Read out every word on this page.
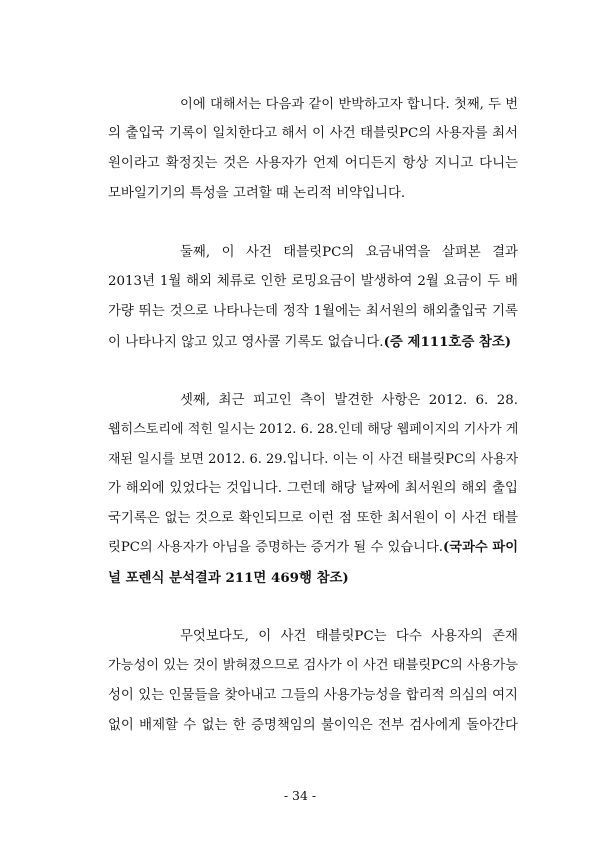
이에 대해서는 다음과 같이 반박하고자 합니다. 첫째, 두 번
의 출입국 기록이 일치한다고 해서 이 사건 태블릿PC의 사용자를 최서
원이라고 확정짓는 것은 사용자가 언제 어디든지 항상 지니고 다니는
모바일기기의 특성을 고려할 때 논리적 비약입니다.
둘째, 이 사건 태블릿PC의 요금내역을 살펴본 결과
2013년 1월 해외 체류로 인한 로밍요금이 발생하여 2월 요금이 두 배
가량 뛰는 것으로 나타나는데 정작 1월에는 최서원의 해외출입국 기록
이 나타나지 않고 있고 영사콜 기록도 없습니다.(증 제111호증 참조)
셋째, 최근 피고인 측이 발견한 사항은 2012. 6. 28.
웹히스토리에 적힌 일시는 2012. 6. 28.인데 해당 웹페이지의 기사가 게
재된 일시를 보면 2012. 6. 29.입니다. 이는 이 사건 태블릿PC의 사용자
가 해외에 있었다는 것입니다. 그런데 해당 날짜에 최서원의 해외 출입
국기록은 없는 것으로 확인되므로 이런 점 또한 최서원이 이 사건 태블
릿PC의 사용자가 아님을 증명하는 증거가 될 수 있습니다.(국과수 파이
널 포렌식 분석결과 211면 469행 참조)
무엇보다도, 이 사건 태블릿PC는 다수 사용자의 존재
가능성이 있는 것이 밝혀졌으므로 검사가 이 사건 태블릿PC의 사용가능
성이 있는 인물들을 찾아내고 그들의 사용가능성을 합리적 의심의 여지
없이 배제할 수 없는 한 증명책임의 불이익은 전부 검사에게 돌아간다
- 34 -
